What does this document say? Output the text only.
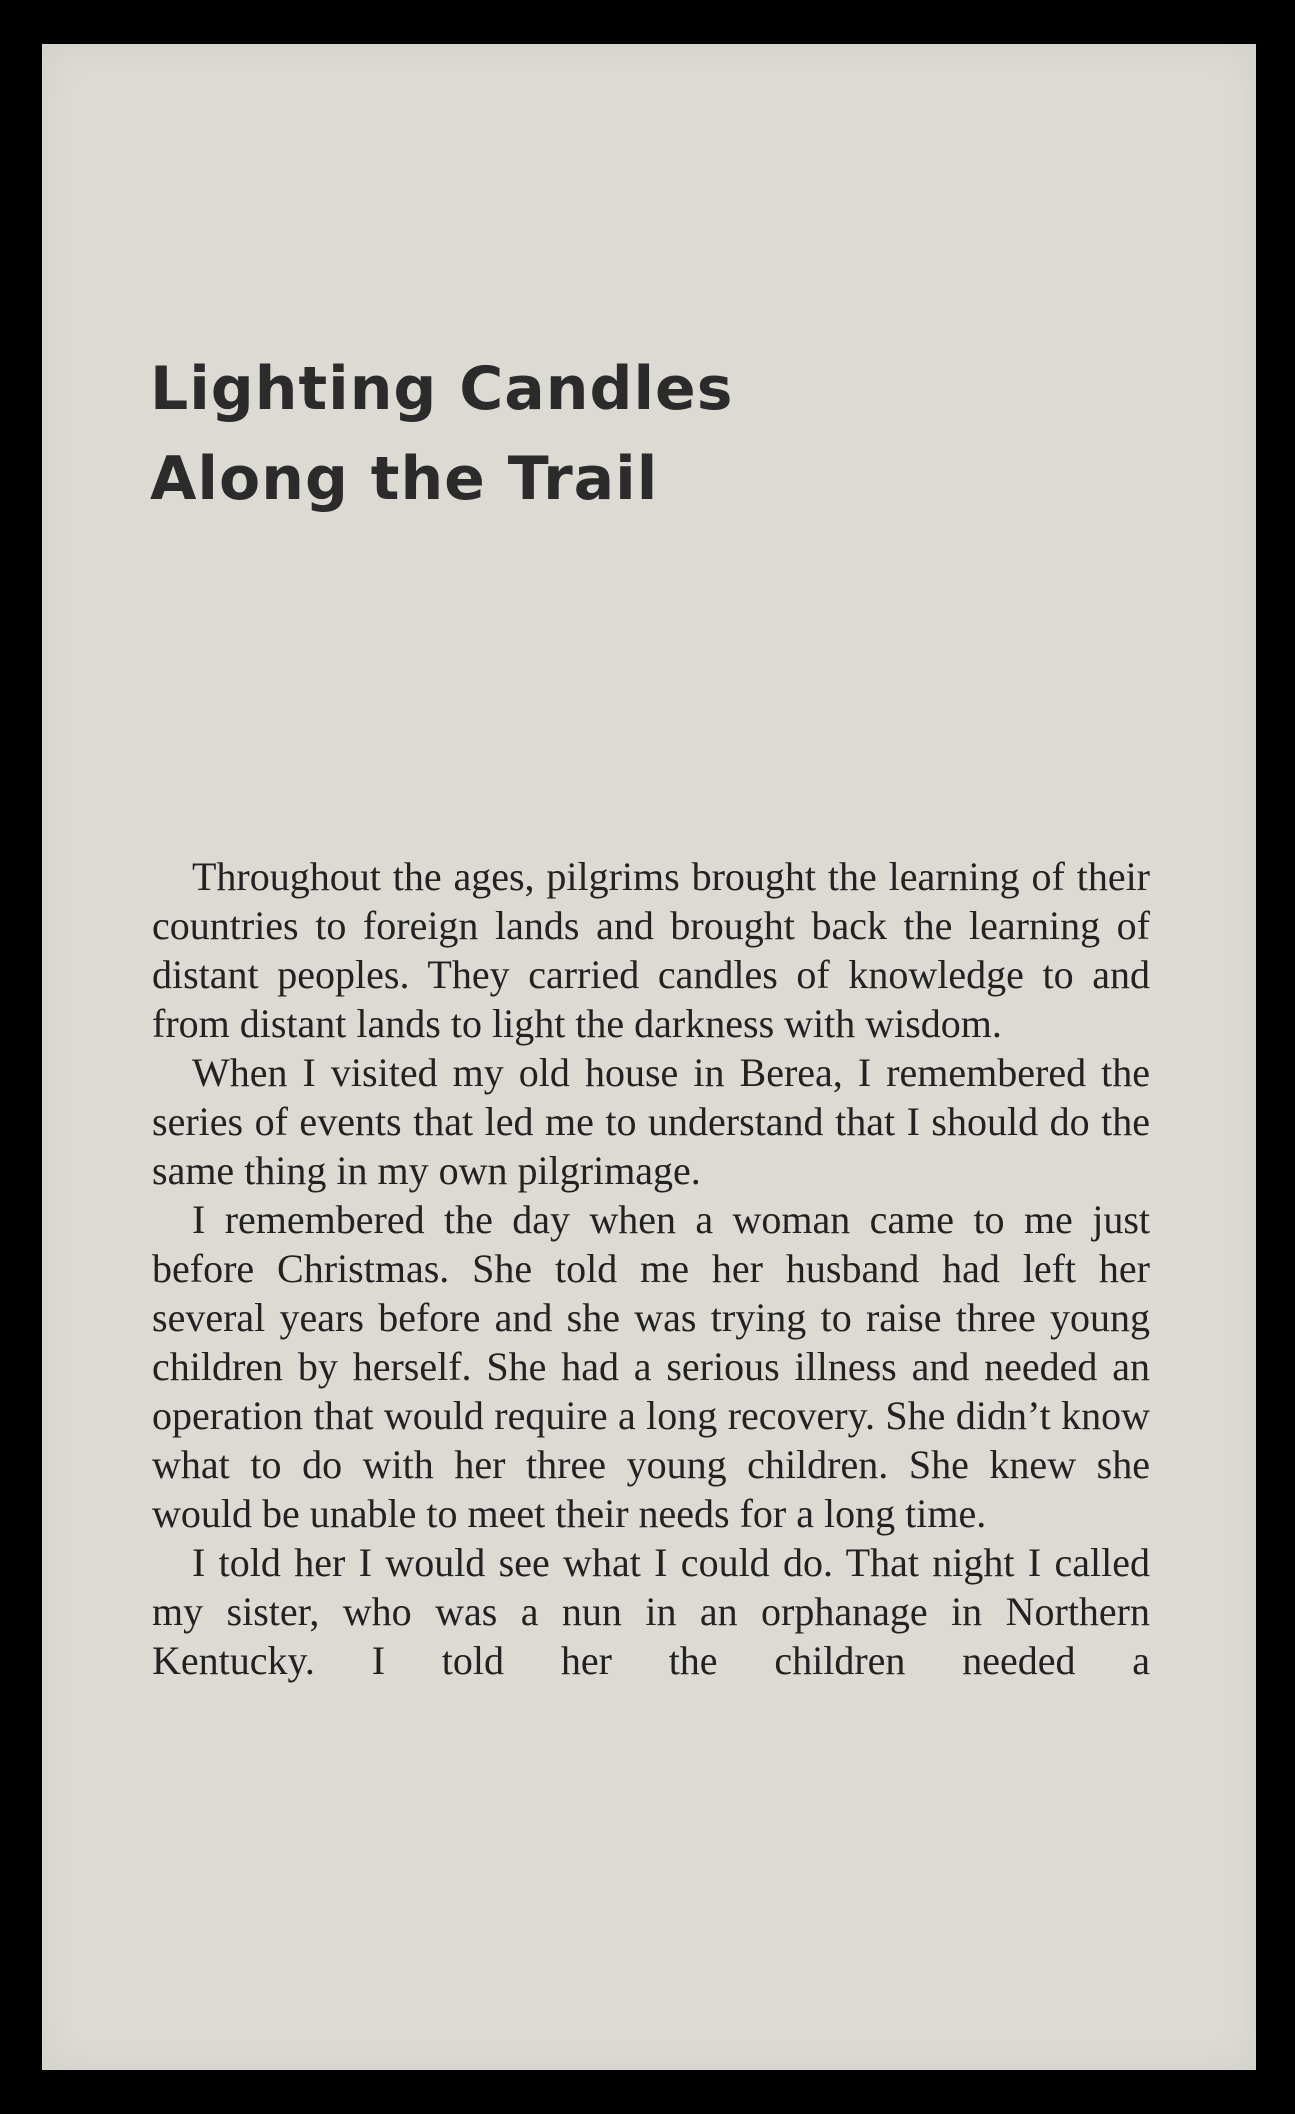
Lighting Candles
Along the Trail

Throughout the ages, pilgrims brought the learning of their countries to foreign lands and brought back the learning of distant peoples. They carried candles of knowledge to and from distant lands to light the darkness with wisdom.

When I visited my old house in Berea, I remembered the series of events that led me to understand that I should do the same thing in my own pilgrimage.

I remembered the day when a woman came to me just before Christmas. She told me her husband had left her several years before and she was trying to raise three young children by herself. She had a serious illness and needed an operation that would require a long recovery. She didn’t know what to do with her three young children. She knew she would be unable to meet their needs for a long time.

I told her I would see what I could do. That night I called my sister, who was a nun in an orphanage in Northern Kentucky. I told her the children needed a
